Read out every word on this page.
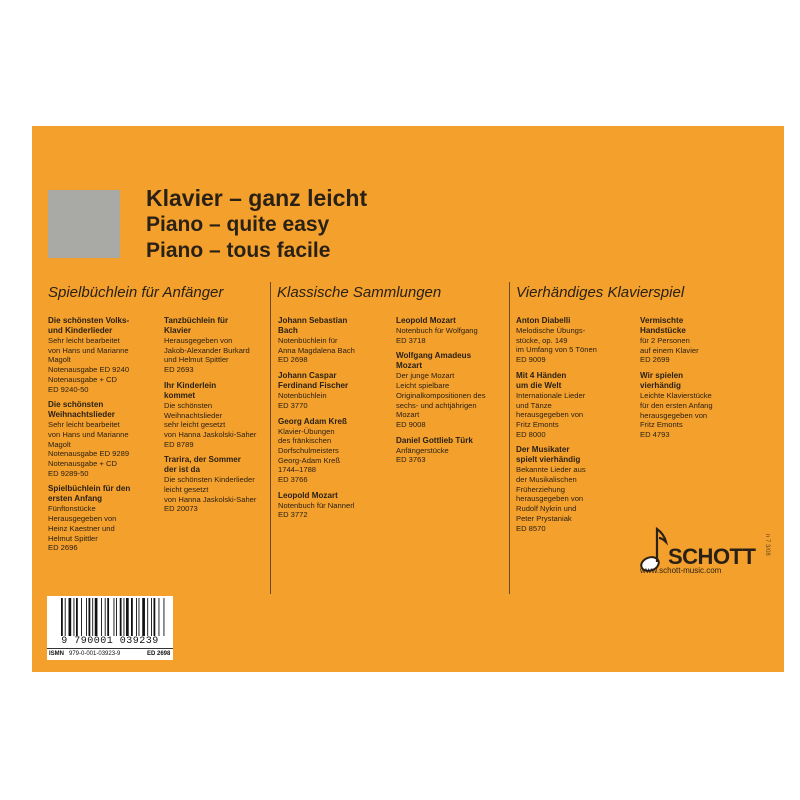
Klavier – ganz leicht
Piano – quite easy
Piano – tous facile
Spielbüchlein für Anfänger	Klassische Sammlungen	Vierhändiges Klavierspiel
Die schönsten Volks-
und Kinderlieder
Sehr leicht bearbeitet
von Hans und Marianne
Magolt
Notenausgabe ED 9240
Notenausgabe + CD
ED 9240-50
Die schönsten
Weihnachtslieder
Sehr leicht bearbeitet
von Hans und Marianne
Magolt
Notenausgabe ED 9289
Notenausgabe + CD
ED 9289-50
Spielbüchlein für den
ersten Anfang
Fünftonstücke
Herausgegeben von
Heinz Kaestner und
Helmut Spittler
ED 2696
Tanzbüchlein für
Klavier
Herausgegeben von
Jakob-Alexander Burkard
und Helmut Spittler
ED 2693
Ihr Kinderlein
kommet
Die schönsten
Weihnachtslieder
sehr leicht gesetzt
von Hanna Jaskolski-Saher
ED 8789
Trarira, der Sommer
der ist da
Die schönsten Kinderlieder
leicht gesetzt
von Hanna Jaskolski-Saher
ED 20073
Johann Sebastian
Bach
Notenbüchlein für
Anna Magdalena Bach
ED 2698
Johann Caspar
Ferdinand Fischer
Notenbüchlein
ED 3770
Georg Adam Kreß
Klavier-Übungen
des fränkischen
Dorfschulmeisters
Georg-Adam Kreß
1744–1788
ED 3766
Leopold Mozart
Notenbuch für Nannerl
ED 3772
Leopold Mozart
Notenbuch für Wolfgang
ED 3718
Wolfgang Amadeus
Mozart
Der junge Mozart
Leicht spielbare
Originalkompositionen des
sechs- und achtjährigen
Mozart
ED 9008
Daniel Gottlieb Türk
Anfängerstücke
ED 3763
Anton Diabelli
Melodische Übungs-
stücke, op. 149
im Umfang von 5 Tönen
ED 9009
Mit 4 Händen
um die Welt
Internationale Lieder
und Tänze
herausgegeben von
Fritz Emonts
ED 8000
Der Musikater
spielt vierhändig
Bekannte Lieder aus
der Musikalischen
Früherziehung
herausgegeben von
Rudolf Nykrin und
Peter Prystaniak
ED 8570
Vermischte
Handstücke
für 2 Personen
auf einem Klavier
ED 2699
Wir spielen
vierhändig
Leichte Klavierstücke
für den ersten Anfang
herausgegeben von
Fritz Emonts
ED 4793
SCHOTT
www.schott-music.com
n 7 3/08
9 790001 039239
ISMN 979-0-001-03923-9	ED 2698
